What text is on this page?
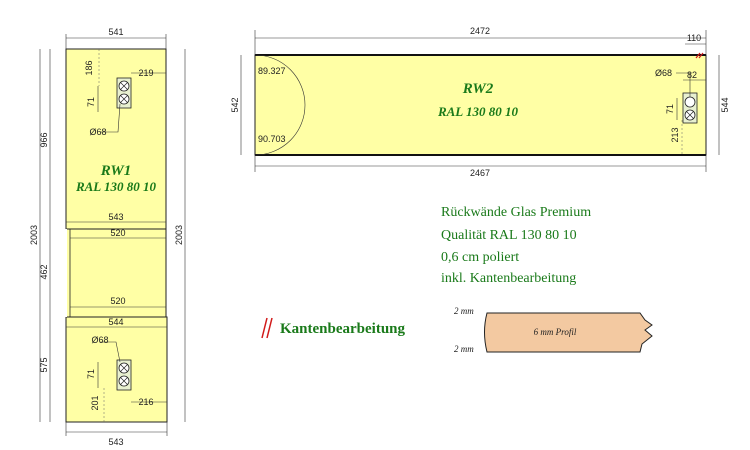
RW1
RAL 130 80 10
541
2003
966
462
575
2003
543
520
520
544
543
186	219
71
Ø68
Ø68
71
201	216
89.327
90.703
RW2
RAL 130 80 10
2472
110
2467
542	544
Ø68 82
71
213
Rückwände Glas Premium
Qualität RAL 130 80 10
0,6 cm poliert
inkl. Kantenbearbeitung
Kantenbearbeitung	6 mm Profil
2 mm
2 mm
